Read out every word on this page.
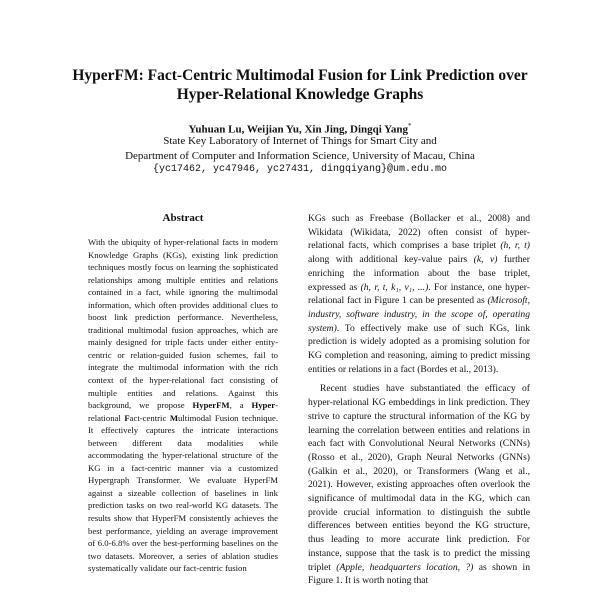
HyperFM: Fact-Centric Multimodal Fusion for Link Prediction over
Hyper-Relational Knowledge Graphs
Yuhuan Lu, Weijian Yu, Xin Jing, Dingqi Yang*
State Key Laboratory of Internet of Things for Smart City and
Department of Computer and Information Science, University of Macau, China
{yc17462, yc47946, yc27431, dingqiyang}@um.edu.mo
Abstract
With the ubiquity of hyper-relational facts in modern Knowledge Graphs (KGs), existing link prediction techniques mostly focus on learning the sophisticated relationships among multiple entities and relations contained in a fact, while ignoring the multimodal information, which often provides additional clues to boost link prediction performance. Nevertheless, traditional multimodal fusion approaches, which are mainly designed for triple facts under either entity-centric or relation-guided fusion schemes, fail to integrate the multimodal information with the rich context of the hyper-relational fact consisting of multiple entities and relations. Against this background, we propose HyperFM, a Hyper-relational Fact-centric Multimodal Fusion technique. It effectively captures the intricate interactions between different data modalities while accommodating the hyper-relational structure of the KG in a fact-centric manner via a customized Hypergraph Transformer. We evaluate HyperFM against a sizeable collection of baselines in link prediction tasks on two real-world KG datasets. The results show that HyperFM consistently achieves the best performance, yielding an average improvement of 6.0-6.8% over the best-performing baselines on the two datasets. Moreover, a series of ablation studies systematically validate our fact-centric fusion

KGs such as Freebase (Bollacker et al., 2008) and Wikidata (Wikidata, 2022) often consist of hyper-relational facts, which comprises a base triplet (h, r, t) along with additional key-value pairs (k, v) further enriching the information about the base triplet, expressed as (h, r, t, k₁, v₁, ...). For instance, one hyper-relational fact in Figure 1 can be presented as (Microsoft, industry, software industry, in the scope of, operating system). To effectively make use of such KGs, link prediction is widely adopted as a promising solution for KG completion and reasoning, aiming to predict missing entities or relations in a fact (Bordes et al., 2013).

Recent studies have substantiated the efficacy of hyper-relational KG embeddings in link prediction. They strive to capture the structural information of the KG by learning the correlation between entities and relations in each fact with Convolutional Neural Networks (CNNs) (Rosso et al., 2020), Graph Neural Networks (GNNs) (Galkin et al., 2020), or Transformers (Wang et al., 2021). However, existing approaches often overlook the significance of multimodal data in the KG, which can provide crucial information to distinguish the subtle differences between entities beyond the KG structure, thus leading to more accurate link prediction. For instance, suppose that the task is to predict the missing triplet (Apple, headquarters location, ?) as shown in Figure 1. It is worth noting that
